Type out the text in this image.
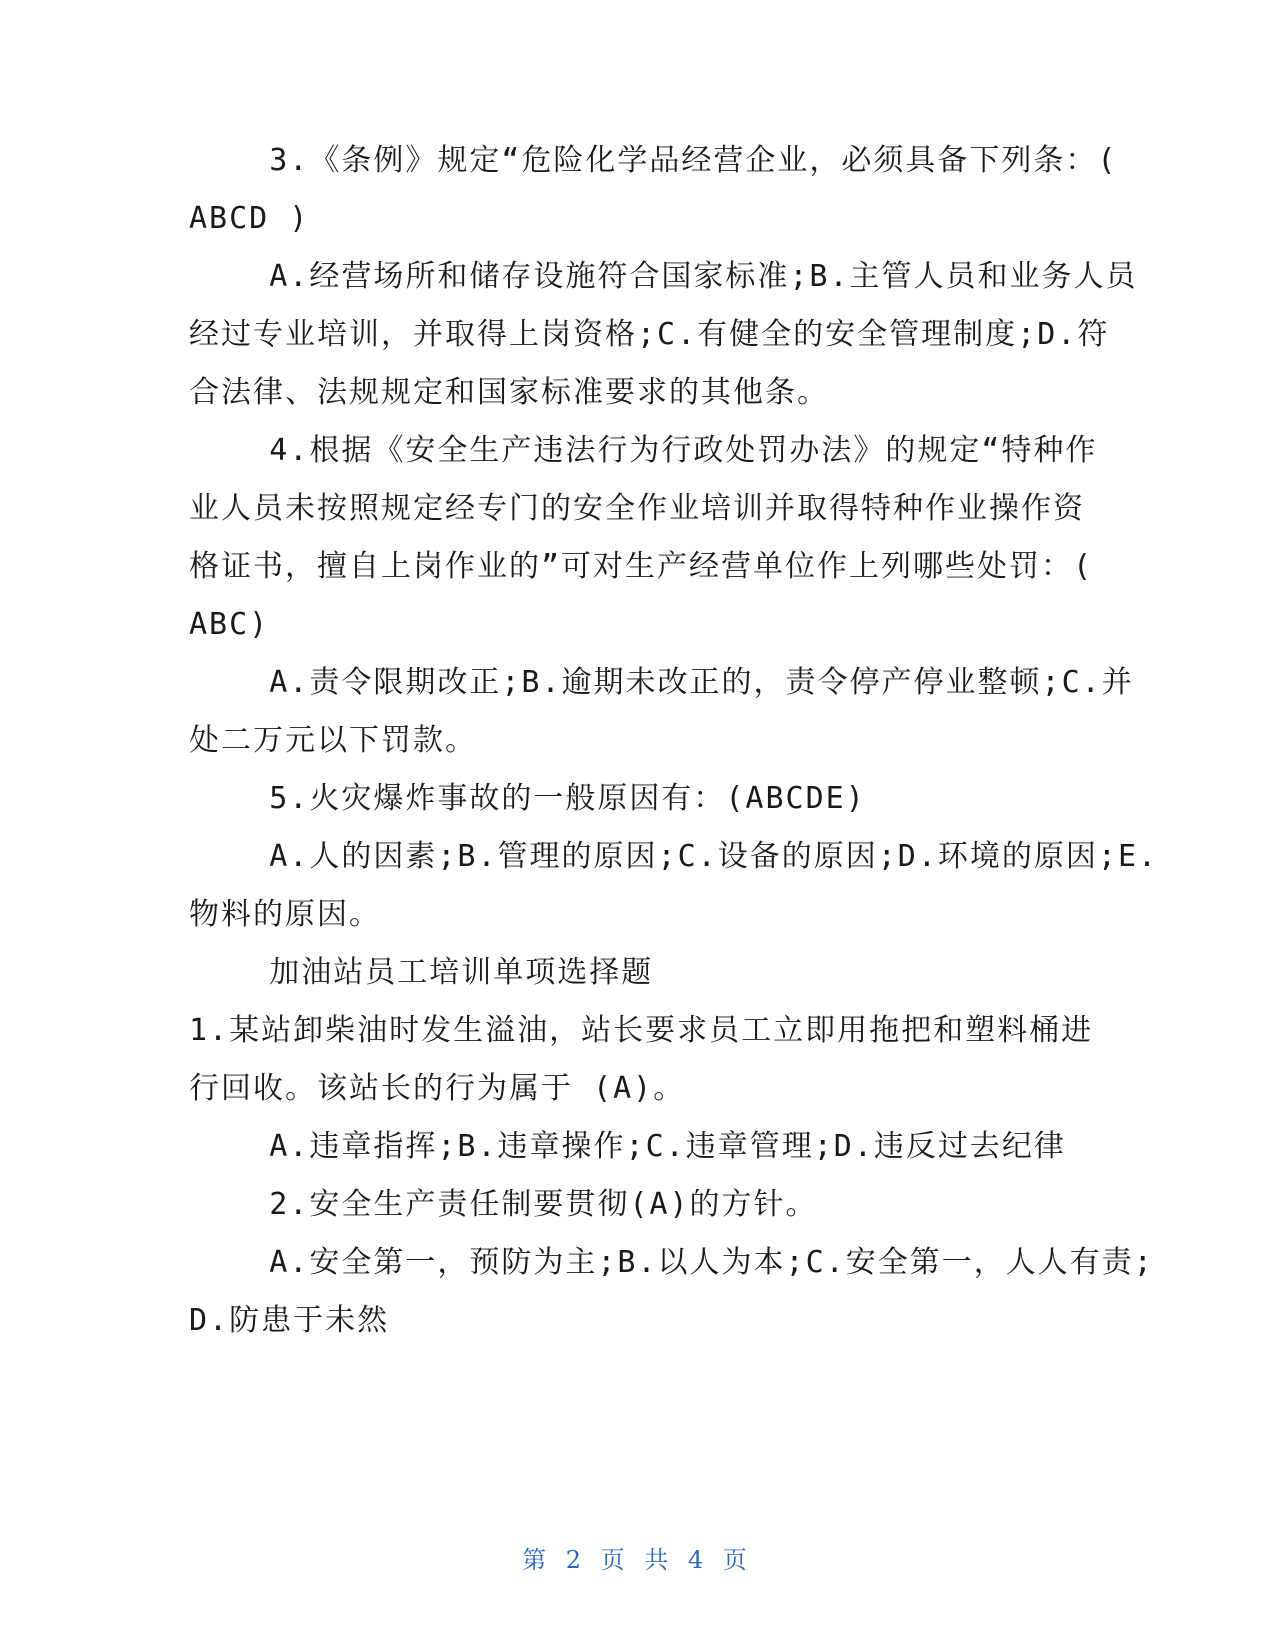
3.《条例》规定“危险化学品经营企业，必须具备下列条：(
ABCD )
A.经营场所和储存设施符合国家标准;B.主管人员和业务人员
经过专业培训，并取得上岗资格;C.有健全的安全管理制度;D.符
合法律、法规规定和国家标准要求的其他条。
4.根据《安全生产违法行为行政处罚办法》的规定“特种作
业人员未按照规定经专门的安全作业培训并取得特种作业操作资
格证书，擅自上岗作业的”可对生产经营单位作上列哪些处罚：(
ABC)
A.责令限期改正;B.逾期未改正的，责令停产停业整顿;C.并
处二万元以下罚款。
5.火灾爆炸事故的一般原因有：(ABCDE)
A.人的因素;B.管理的原因;C.设备的原因;D.环境的原因;E.
物料的原因。
加油站员工培训单项选择题
1.某站卸柴油时发生溢油，站长要求员工立即用拖把和塑料桶进
行回收。该站长的行为属于 (A)。
A.违章指挥;B.违章操作;C.违章管理;D.违反过去纪律
2.安全生产责任制要贯彻(A)的方针。
A.安全第一，预防为主;B.以人为本;C.安全第一，人人有责;
D.防患于未然
第 2 页 共 4 页
